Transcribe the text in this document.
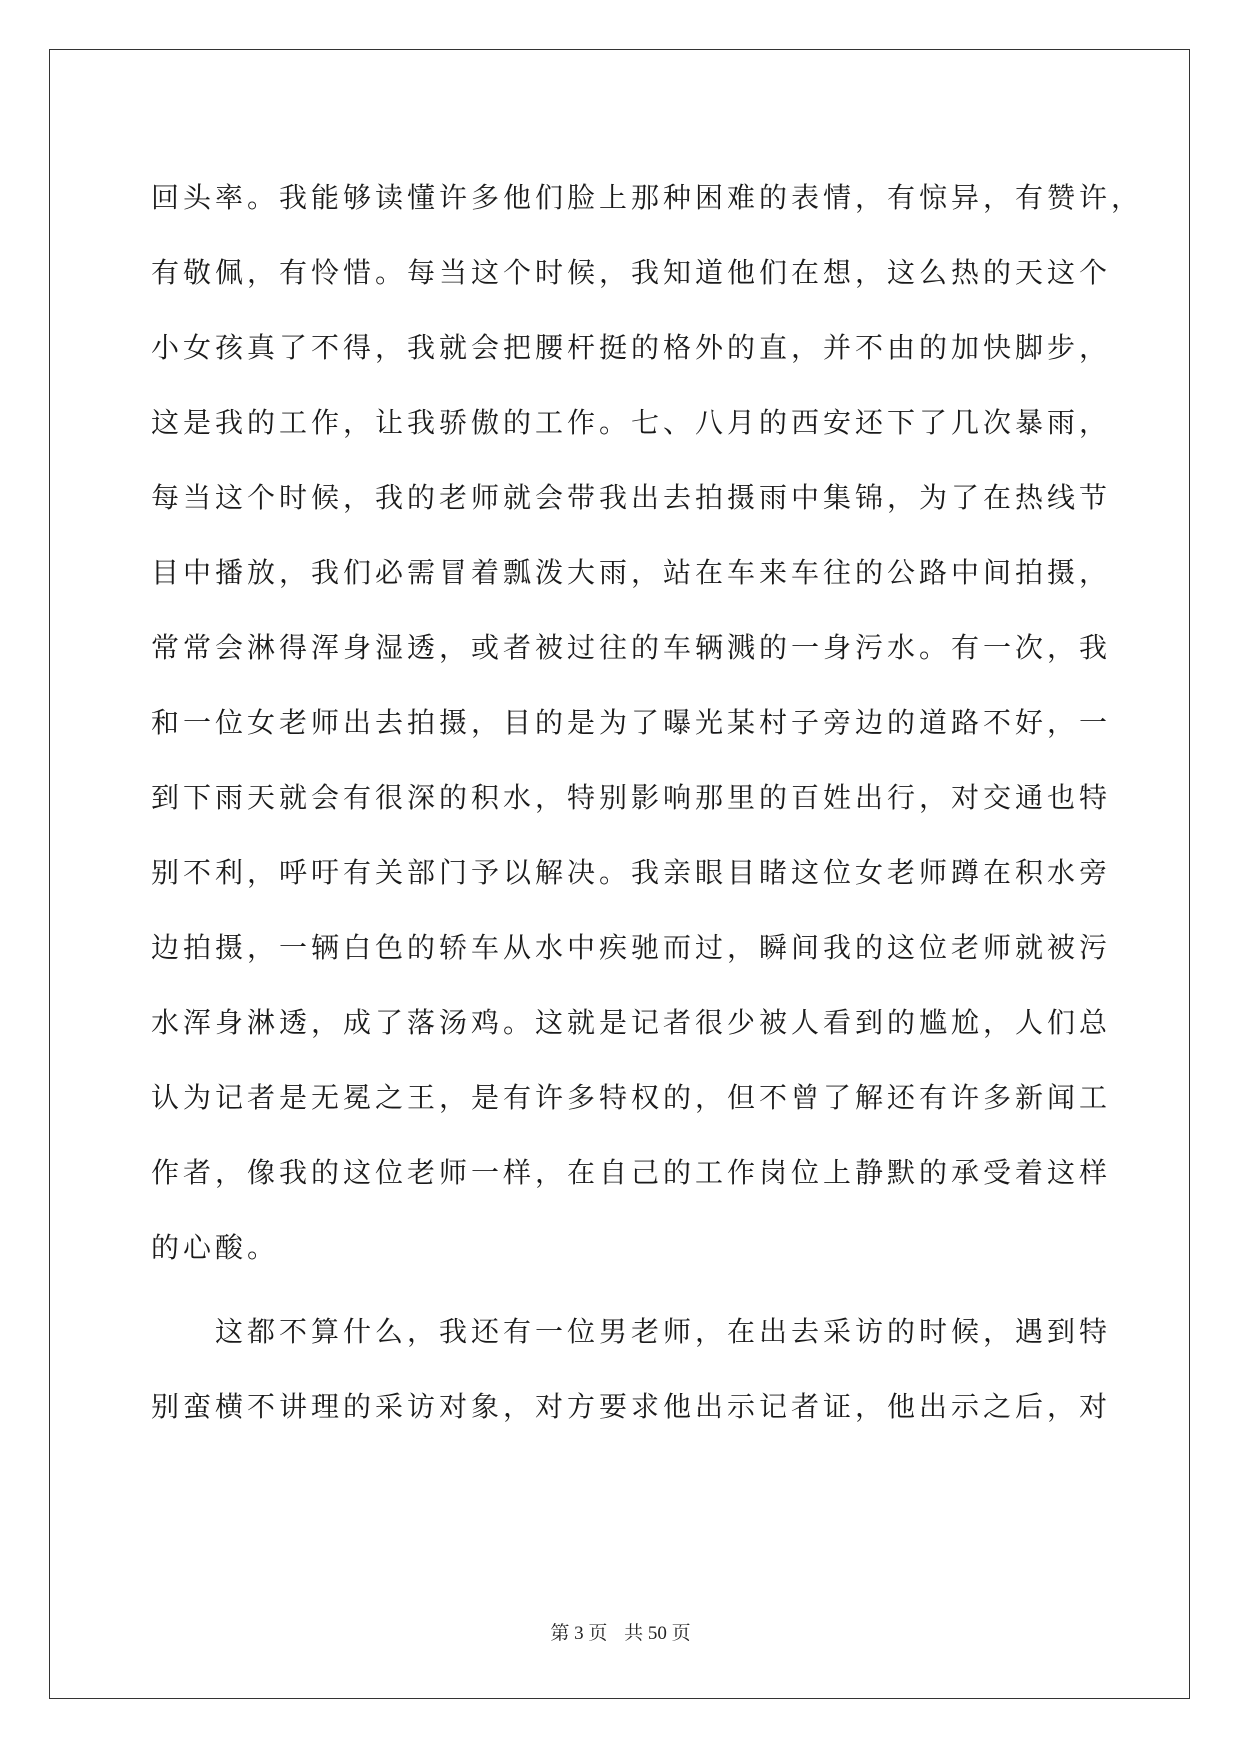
回头率。我能够读懂许多他们脸上那种困难的表情，有惊异，有赞许，
有敬佩，有怜惜。每当这个时候，我知道他们在想，这么热的天这个
小女孩真了不得，我就会把腰杆挺的格外的直，并不由的加快脚步，
这是我的工作，让我骄傲的工作。七、八月的西安还下了几次暴雨，
每当这个时候，我的老师就会带我出去拍摄雨中集锦，为了在热线节
目中播放，我们必需冒着瓢泼大雨，站在车来车往的公路中间拍摄，
常常会淋得浑身湿透，或者被过往的车辆溅的一身污水。有一次，我
和一位女老师出去拍摄，目的是为了曝光某村子旁边的道路不好，一
到下雨天就会有很深的积水，特别影响那里的百姓出行，对交通也特
别不利，呼吁有关部门予以解决。我亲眼目睹这位女老师蹲在积水旁
边拍摄，一辆白色的轿车从水中疾驰而过，瞬间我的这位老师就被污
水浑身淋透，成了落汤鸡。这就是记者很少被人看到的尴尬，人们总
认为记者是无冕之王，是有许多特权的，但不曾了解还有许多新闻工
作者，像我的这位老师一样，在自己的工作岗位上静默的承受着这样
的心酸。
这都不算什么，我还有一位男老师，在出去采访的时候，遇到特
别蛮横不讲理的采访对象，对方要求他出示记者证，他出示之后，对
第 3 页 共 50 页
